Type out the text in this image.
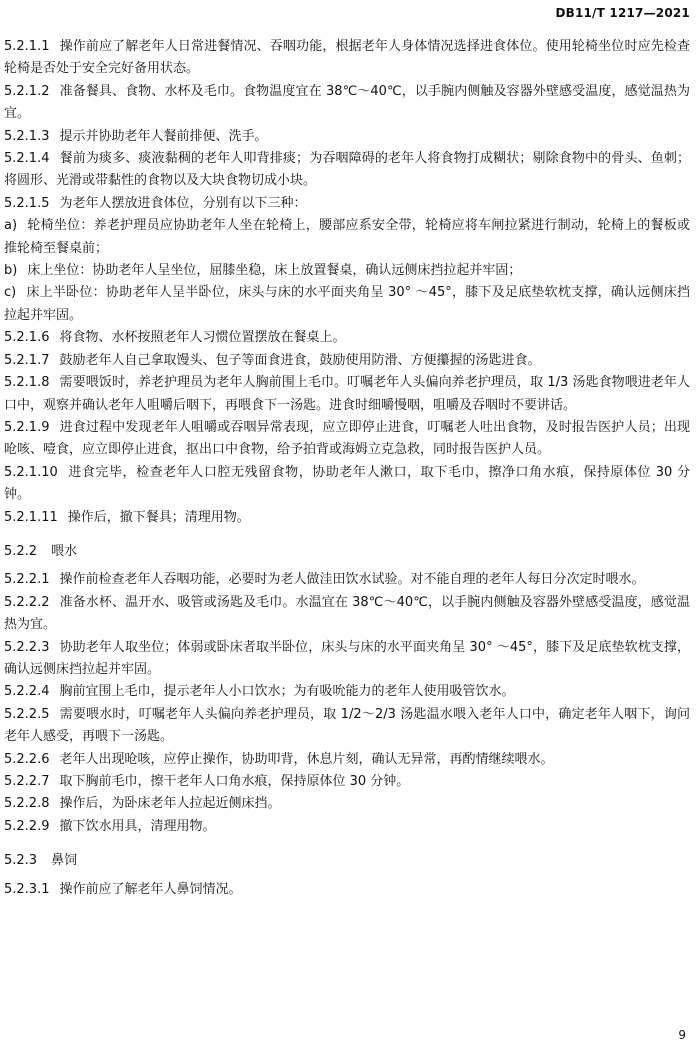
DB11/T 1217—2021

5.2.1.1 操作前应了解老年人日常进餐情况、吞咽功能，根据老年人身体情况选择进食体位。使用轮椅坐位时应先检查轮椅是否处于安全完好备用状态。

5.2.1.2 准备餐具、食物、水杯及毛巾。食物温度宜在 38℃～40℃，以手腕内侧触及容器外壁感受温度，感觉温热为宜。

5.2.1.3 提示并协助老年人餐前排便、洗手。

5.2.1.4 餐前为痰多、痰液黏稠的老年人叩背排痰；为吞咽障碍的老年人将食物打成糊状；剔除食物中的骨头、鱼刺；将圆形、光滑或带黏性的食物以及大块食物切成小块。

5.2.1.5 为老年人摆放进食体位，分别有以下三种：

a) 轮椅坐位：养老护理员应协助老年人坐在轮椅上，腰部应系安全带，轮椅应将车闸拉紧进行制动，轮椅上的餐板或推轮椅至餐桌前；

b) 床上坐位：协助老年人呈坐位，屈膝坐稳，床上放置餐桌，确认远侧床挡拉起并牢固；

c) 床上半卧位：协助老年人呈半卧位，床头与床的水平面夹角呈 30° ～45°，膝下及足底垫软枕支撑，确认远侧床挡拉起并牢固。

5.2.1.6 将食物、水杯按照老年人习惯位置摆放在餐桌上。

5.2.1.7 鼓励老年人自己拿取馒头、包子等面食进食，鼓励使用防滑、方便攥握的汤匙进食。

5.2.1.8 需要喂饭时，养老护理员为老年人胸前围上毛巾。叮嘱老年人头偏向养老护理员，取 1/3 汤匙食物喂进老年人口中，观察并确认老年人咀嚼后咽下，再喂食下一汤匙。进食时细嚼慢咽，咀嚼及吞咽时不要讲话。

5.2.1.9 进食过程中发现老年人咀嚼或吞咽异常表现，应立即停止进食，叮嘱老人吐出食物，及时报告医护人员；出现呛咳、噎食，应立即停止进食，抠出口中食物，给予拍背或海姆立克急救，同时报告医护人员。

5.2.1.10 进食完毕，检查老年人口腔无残留食物，协助老年人漱口，取下毛巾，擦净口角水痕，保持原体位 30 分钟。

5.2.1.11 操作后，撤下餐具；清理用物。

5.2.2 喂水

5.2.2.1 操作前检查老年人吞咽功能，必要时为老人做洼田饮水试验。对不能自理的老年人每日分次定时喂水。

5.2.2.2 准备水杯、温开水、吸管或汤匙及毛巾。水温宜在 38℃～40℃，以手腕内侧触及容器外壁感受温度，感觉温热为宜。

5.2.2.3 协助老年人取坐位；体弱或卧床者取半卧位，床头与床的水平面夹角呈 30° ～45°，膝下及足底垫软枕支撑，确认远侧床挡拉起并牢固。

5.2.2.4 胸前宜围上毛巾，提示老年人小口饮水；为有吸吮能力的老年人使用吸管饮水。

5.2.2.5 需要喂水时，叮嘱老年人头偏向养老护理员，取 1/2～2/3 汤匙温水喂入老年人口中，确定老年人咽下，询问老年人感受，再喂下一汤匙。

5.2.2.6 老年人出现呛咳，应停止操作，协助叩背，休息片刻，确认无异常，再酌情继续喂水。

5.2.2.7 取下胸前毛巾，擦干老年人口角水痕，保持原体位 30 分钟。

5.2.2.8 操作后，为卧床老年人拉起近侧床挡。

5.2.2.9 撤下饮水用具，清理用物。

5.2.3 鼻饲

5.2.3.1 操作前应了解老年人鼻饲情况。

9
